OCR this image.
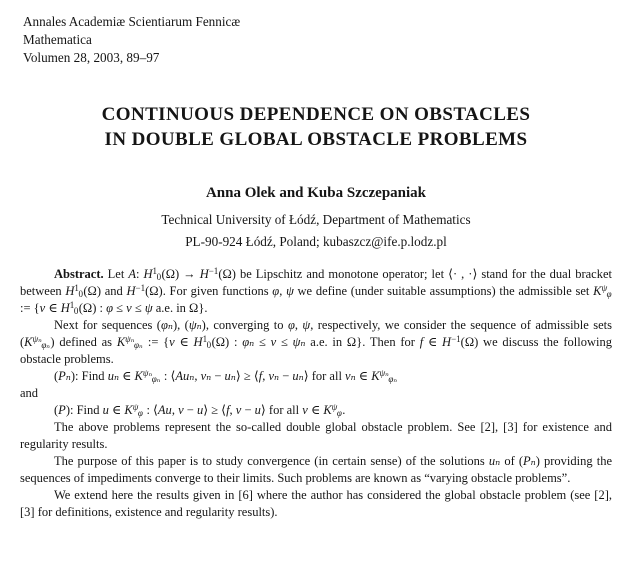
Annales Academiæ Scientiarum Fennicæ
Mathematica
Volumen 28, 2003, 89–97
CONTINUOUS DEPENDENCE ON OBSTACLES
IN DOUBLE GLOBAL OBSTACLE PROBLEMS
Anna Olek and Kuba Szczepaniak
Technical University of Łódź, Department of Mathematics
PL-90-924 Łódź, Poland; kubaszcz@ife.p.lodz.pl

Abstract. Let A: $H^1_0(\Omega) \to H^{-1}(\Omega)$ be Lipschitz and monotone operator; let ⟨· , ·⟩ stand for the dual bracket between $H^1_0(\Omega)$ and $H^{-1}(\Omega)$. For given functions φ, ψ we define (under suitable assumptions) the admissible set $K^\psi_\varphi$ := {v ∈ $H^1_0(\Omega)$ : φ ≤ v ≤ ψ a.e. in Ω}.

Next for sequences (φₙ), (ψₙ), converging to φ, ψ, respectively, we consider the sequence of admissible sets $(K^{\psi_n}_{\varphi_n})$ defined as $K^{\psi_n}_{\varphi_n}$ := {v ∈ $H^1_0(\Omega)$ : φₙ ≤ v ≤ ψₙ a.e. in Ω}. Then for f ∈ $H^{-1}(\Omega)$ we discuss the following obstacle problems.

(Pₙ): Find uₙ ∈ $K^{\psi_n}_{\varphi_n}$ : ⟨Auₙ, vₙ − uₙ⟩ ≥ ⟨f, vₙ − uₙ⟩ for all vₙ ∈ $K^{\psi_n}_{\varphi_n}$

and

(P): Find u ∈ $K^\psi_\varphi$ : ⟨Au, v − u⟩ ≥ ⟨f, v − u⟩ for all v ∈ $K^\psi_\varphi$.

The above problems represent the so-called double global obstacle problem. See [2], [3] for existence and regularity results.

The purpose of this paper is to study convergence (in certain sense) of the solutions uₙ of (Pₙ) providing the sequences of impediments converge to their limits. Such problems are known as “varying obstacle problems”.

We extend here the results given in [6] where the author has considered the global obstacle problem (see [2], [3] for definitions, existence and regularity results).
